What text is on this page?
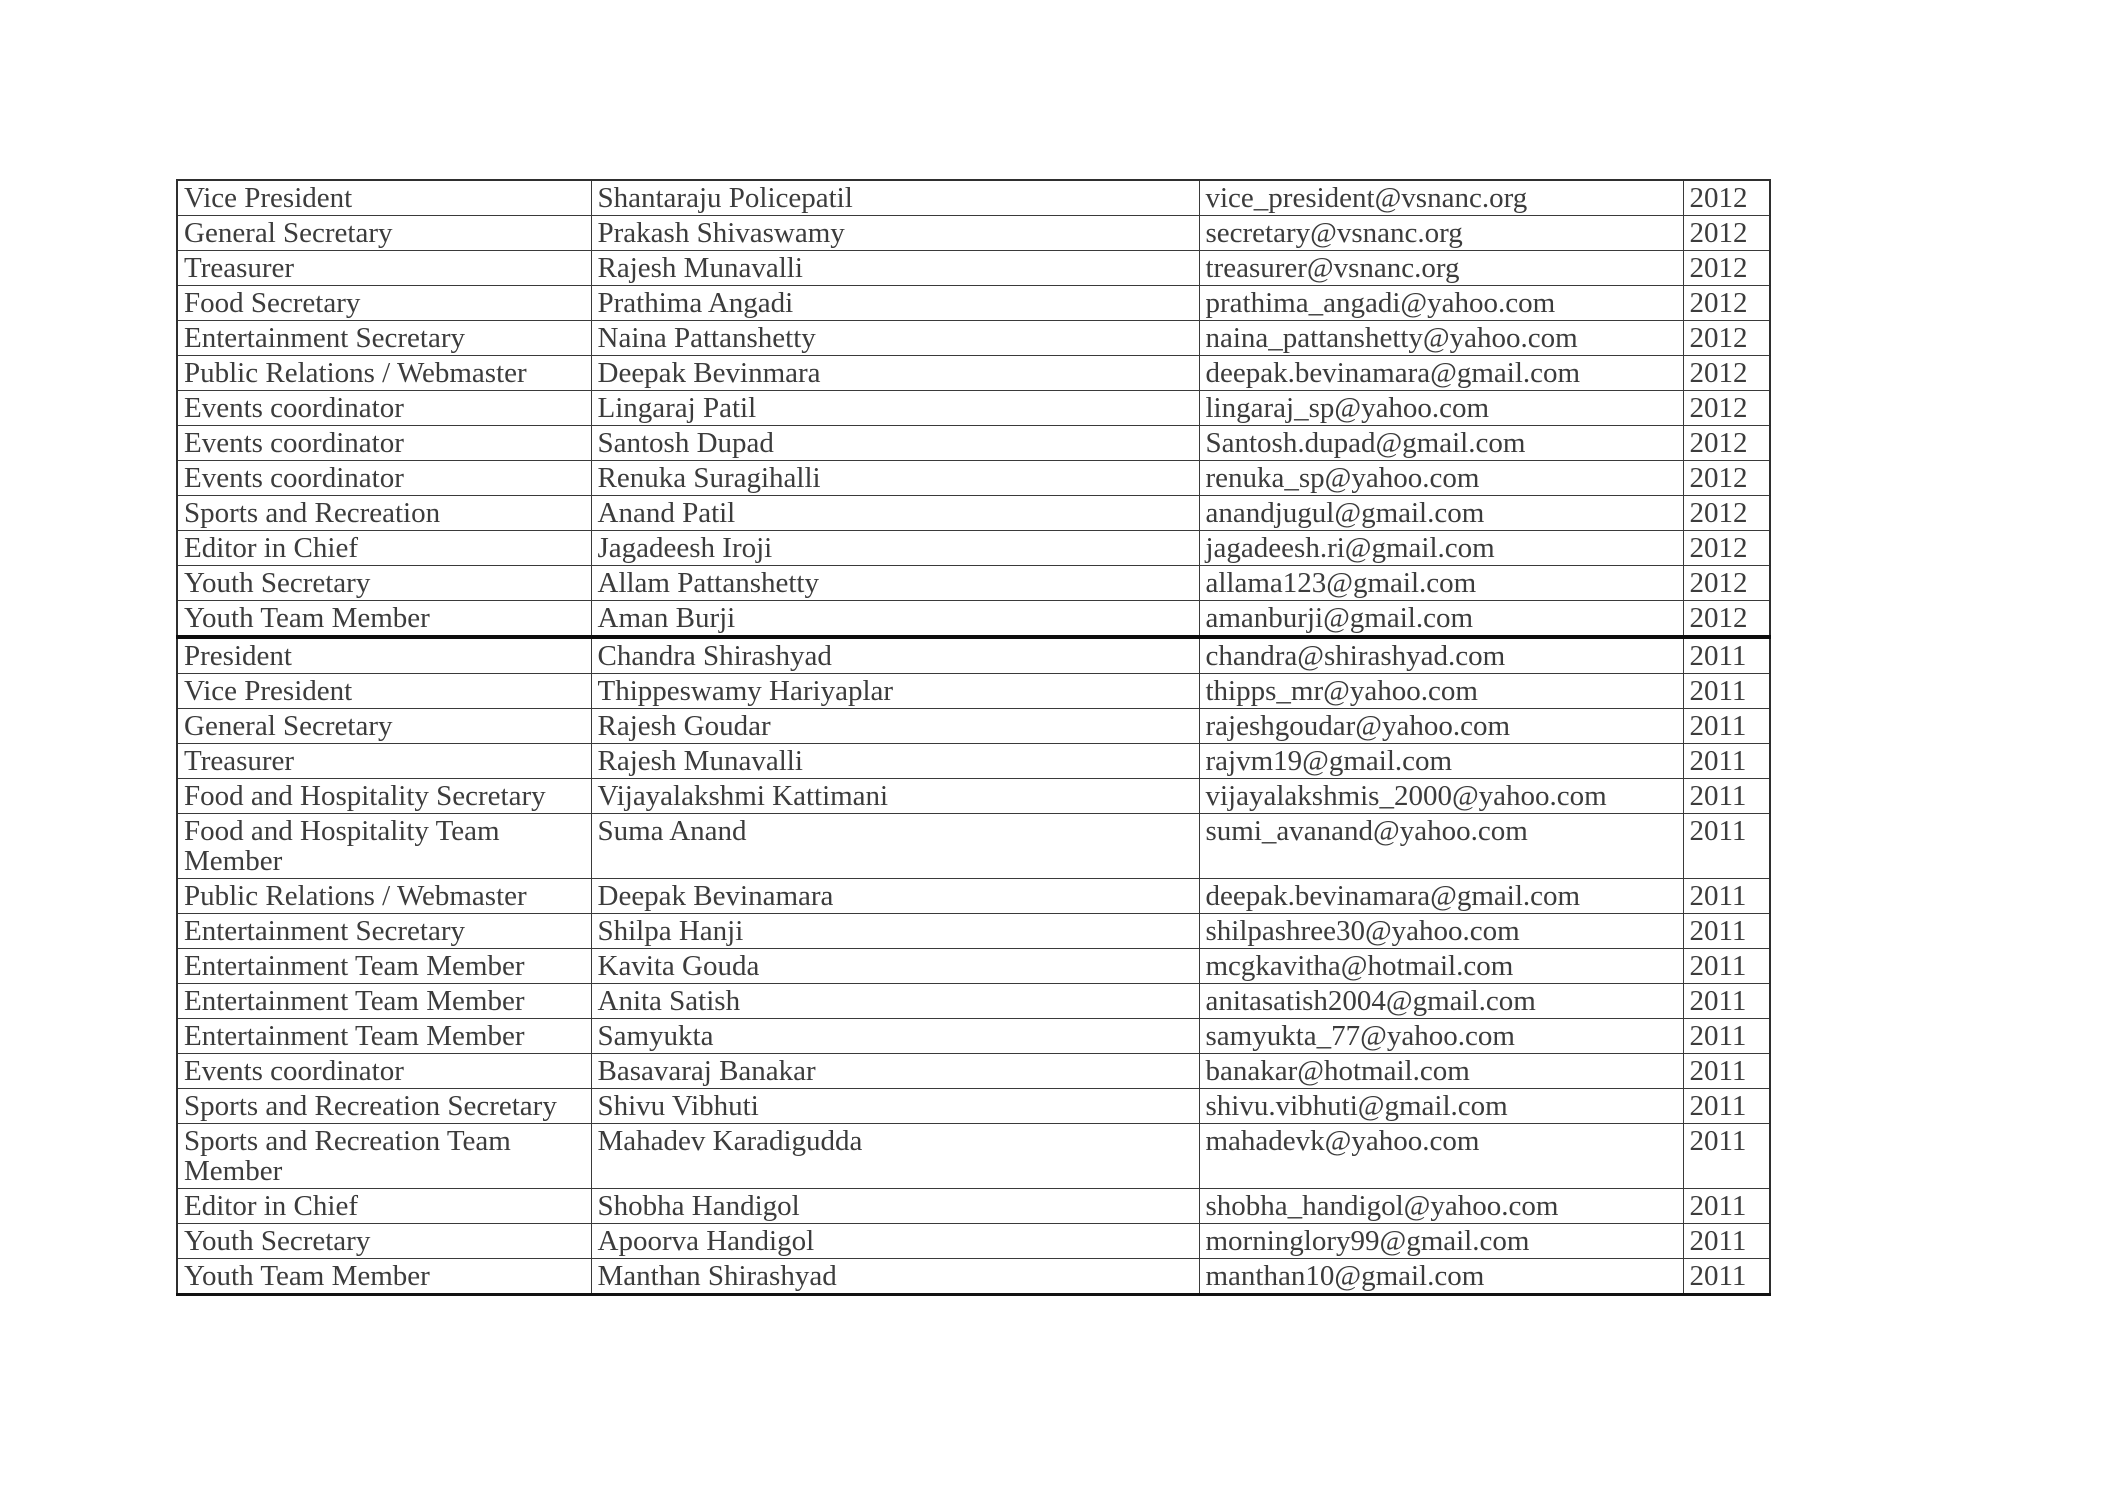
Vice President	Shantaraju Policepatil	vice_president@vsnanc.org	2012
General Secretary	Prakash Shivaswamy	secretary@vsnanc.org	2012
Treasurer	Rajesh Munavalli	treasurer@vsnanc.org	2012
Food Secretary	Prathima Angadi	prathima_angadi@yahoo.com	2012
Entertainment Secretary	Naina Pattanshetty	naina_pattanshetty@yahoo.com	2012
Public Relations / Webmaster	Deepak Bevinmara	deepak.bevinamara@gmail.com	2012
Events coordinator	Lingaraj Patil	lingaraj_sp@yahoo.com	2012
Events coordinator	Santosh Dupad	Santosh.dupad@gmail.com	2012
Events coordinator	Renuka Suragihalli	renuka_sp@yahoo.com	2012
Sports and Recreation	Anand Patil	anandjugul@gmail.com	2012
Editor in Chief	Jagadeesh Iroji	jagadeesh.ri@gmail.com	2012
Youth Secretary	Allam Pattanshetty	allama123@gmail.com	2012
Youth Team Member	Aman Burji	amanburji@gmail.com	2012
President	Chandra Shirashyad	chandra@shirashyad.com	2011
Vice President	Thippeswamy Hariyaplar	thipps_mr@yahoo.com	2011
General Secretary	Rajesh Goudar	rajeshgoudar@yahoo.com	2011
Treasurer	Rajesh Munavalli	rajvm19@gmail.com	2011
Food and Hospitality Secretary	Vijayalakshmi Kattimani	vijayalakshmis_2000@yahoo.com	2011
Food and Hospitality Team Member	Suma Anand	sumi_avanand@yahoo.com	2011
Public Relations / Webmaster	Deepak Bevinamara	deepak.bevinamara@gmail.com	2011
Entertainment Secretary	Shilpa Hanji	shilpashree30@yahoo.com	2011
Entertainment Team Member	Kavita Gouda	mcgkavitha@hotmail.com	2011
Entertainment Team Member	Anita Satish	anitasatish2004@gmail.com	2011
Entertainment Team Member	Samyukta	samyukta_77@yahoo.com	2011
Events coordinator	Basavaraj Banakar	banakar@hotmail.com	2011
Sports and Recreation Secretary	Shivu Vibhuti	shivu.vibhuti@gmail.com	2011
Sports and Recreation Team Member	Mahadev Karadigudda	mahadevk@yahoo.com	2011
Editor in Chief	Shobha Handigol	shobha_handigol@yahoo.com	2011
Youth Secretary	Apoorva Handigol	morninglory99@gmail.com	2011
Youth Team Member	Manthan Shirashyad	manthan10@gmail.com	2011
